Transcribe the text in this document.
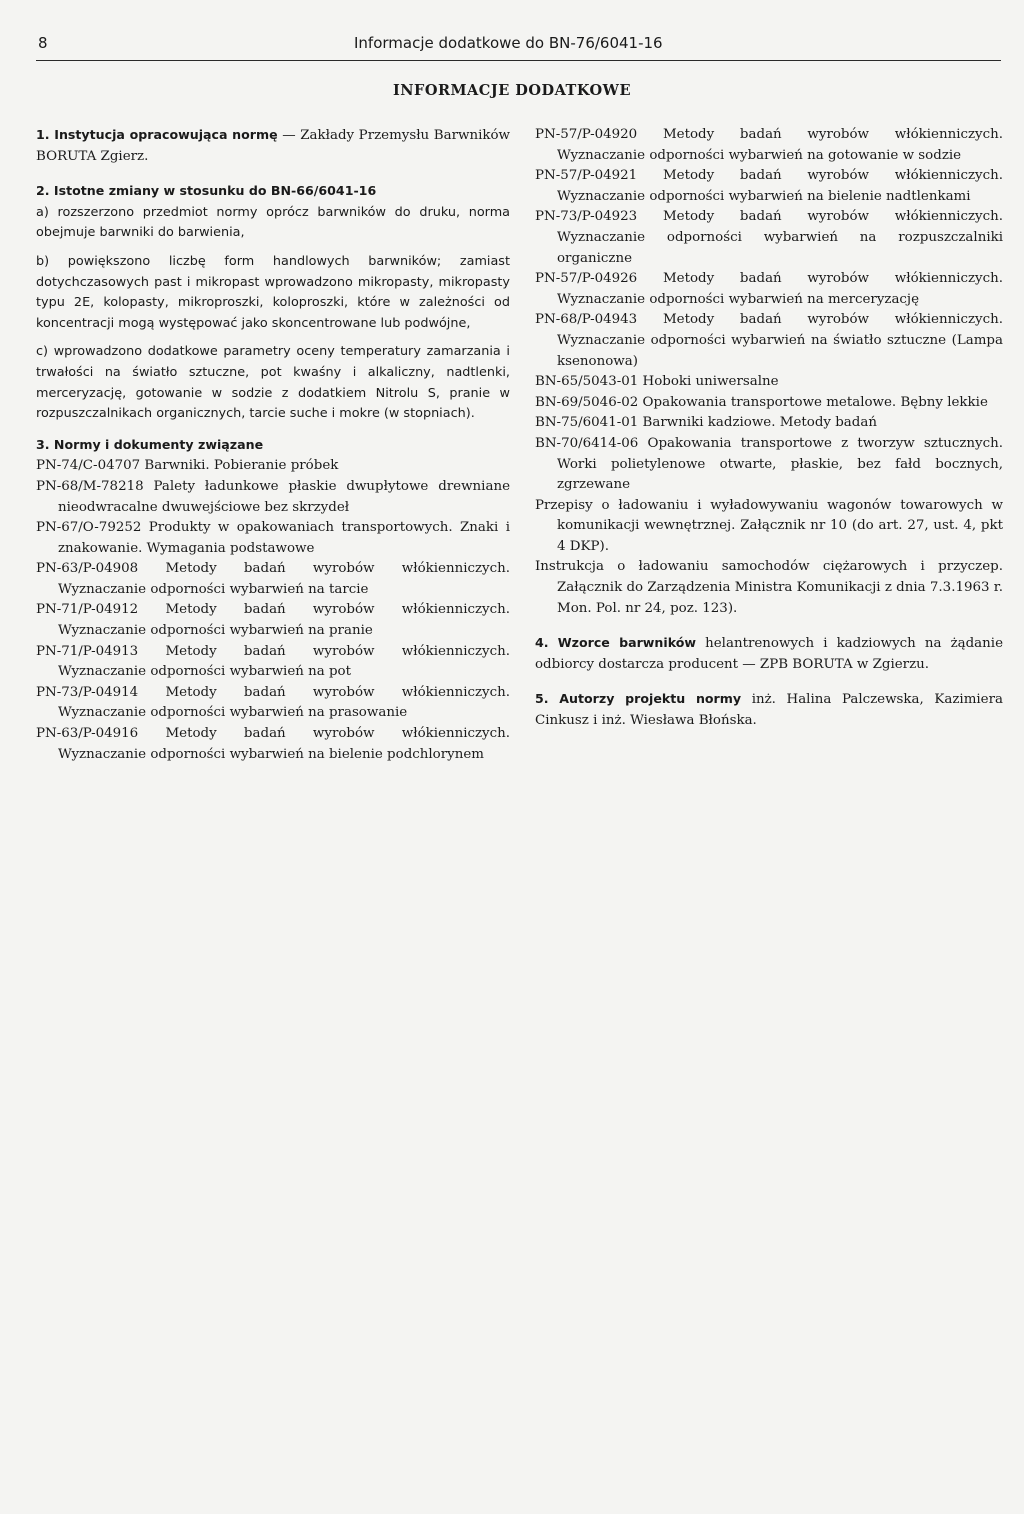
8	Informacje dodatkowe do BN-76/6041-16
INFORMACJE DODATKOWE

1. Instytucja opracowująca normę — Zakłady Przemysłu Barwników BORUTA Zgierz.

2. Istotne zmiany w stosunku do BN-66/6041-16

a) rozszerzono przedmiot normy oprócz barwników do druku, norma obejmuje barwniki do barwienia,

b) powiększono liczbę form handlowych barwników; zamiast dotychczasowych past i mikropast wprowadzono mikropasty, mikropasty typu 2E, kolopasty, mikroproszki, koloproszki, które w zależności od koncentracji mogą występować jako skoncentrowane lub podwójne,

c) wprowadzono dodatkowe parametry oceny temperatury zamarzania i trwałości na światło sztuczne, pot kwaśny i alkaliczny, nadtlenki, merceryzację, gotowanie w sodzie z dodatkiem Nitrolu S, pranie w rozpuszczalnikach organicznych, tarcie suche i mokre (w stopniach).

3. Normy i dokumenty związane

PN-74/C-04707 Barwniki. Pobieranie próbek

PN-68/M-78218 Palety ładunkowe płaskie dwupłytowe drewniane nieodwracalne dwuwejściowe bez skrzydeł

PN-67/O-79252 Produkty w opakowaniach transportowych. Znaki i znakowanie. Wymagania podstawowe

PN-63/P-04908 Metody badań wyrobów włókienniczych. Wyznaczanie odporności wybarwień na tarcie

PN-71/P-04912 Metody badań wyrobów włókienniczych. Wyznaczanie odporności wybarwień na pranie

PN-71/P-04913 Metody badań wyrobów włókienniczych. Wyznaczanie odporności wybarwień na pot

PN-73/P-04914 Metody badań wyrobów włókienniczych. Wyznaczanie odporności wybarwień na prasowanie

PN-63/P-04916 Metody badań wyrobów włókienniczych. Wyznaczanie odporności wybarwień na bielenie podchlorynem

PN-57/P-04920 Metody badań wyrobów włókienniczych. Wyznaczanie odporności wybarwień na gotowanie w sodzie

PN-57/P-04921 Metody badań wyrobów włókienniczych. Wyznaczanie odporności wybarwień na bielenie nadtlenkami

PN-73/P-04923 Metody badań wyrobów włókienniczych. Wyznaczanie odporności wybarwień na rozpuszczalniki organiczne

PN-57/P-04926 Metody badań wyrobów włókienniczych. Wyznaczanie odporności wybarwień na merceryzację

PN-68/P-04943 Metody badań wyrobów włókienniczych. Wyznaczanie odporności wybarwień na światło sztuczne (Lampa ksenonowa)

BN-65/5043-01 Hoboki uniwersalne

BN-69/5046-02 Opakowania transportowe metalowe. Bębny lekkie

BN-75/6041-01 Barwniki kadziowe. Metody badań

BN-70/6414-06 Opakowania transportowe z tworzyw sztucznych. Worki polietylenowe otwarte, płaskie, bez fałd bocznych, zgrzewane

Przepisy o ładowaniu i wyładowywaniu wagonów towarowych w komunikacji wewnętrznej. Załącznik nr 10 (do art. 27, ust. 4, pkt 4 DKP).

Instrukcja o ładowaniu samochodów ciężarowych i przyczep. Załącznik do Zarządzenia Ministra Komunikacji z dnia 7.3.1963 r. Mon. Pol. nr 24, poz. 123).

4. Wzorce barwników helantrenowych i kadziowych na żądanie odbiorcy dostarcza producent — ZPB BORUTA w Zgierzu.

5. Autorzy projektu normy inż. Halina Palczewska, Kazimiera Cinkusz i inż. Wiesława Błońska.
